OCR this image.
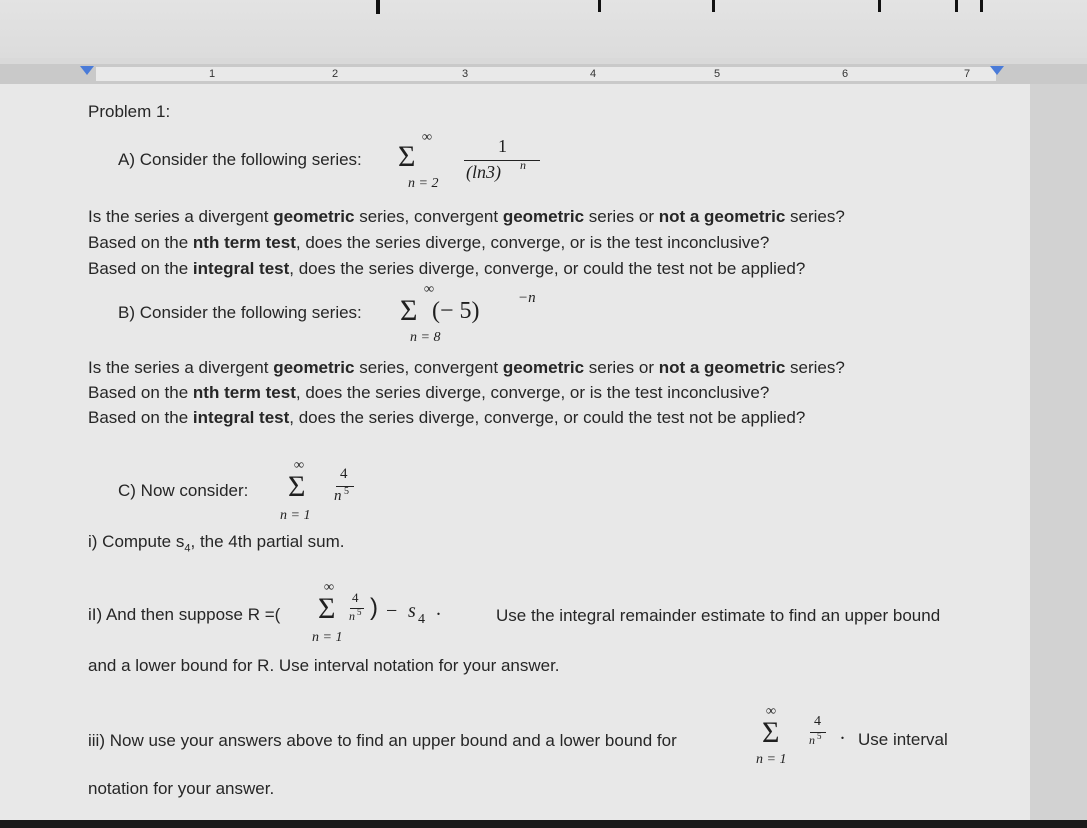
1	2	3	4	5	6	7
Problem 1:
A) Consider the following series:
∞
Σ
n = 2
1
(ln3) n
Is the series a divergent geometric series, convergent geometric series or not a geometric series?
Based on the nth term test, does the series diverge, converge, or is the test inconclusive?
Based on the integral test, does the series diverge, converge, or could the test not be applied?
B) Consider the following series:
∞
Σ
n = 8
(− 5)	−n
Is the series a divergent geometric series, convergent geometric series or not a geometric series?
Based on the nth term test, does the series diverge, converge, or is the test inconclusive?
Based on the integral test, does the series diverge, converge, or could the test not be applied?
C) Now consider:
∞
Σ
n = 1
4
n 5
i) Compute $s_4$, the 4th partial sum.
iI) And then suppose R =(
∞
Σ
n = 1
4
n 5 ) − s 4 .	Use the integral remainder estimate to find an upper bound
and a lower bound for R. Use interval notation for your answer.
iii) Now use your answers above to find an upper bound and a lower bound for
∞
Σ
n = 1
4
n 5 . Use interval
notation for your answer.
